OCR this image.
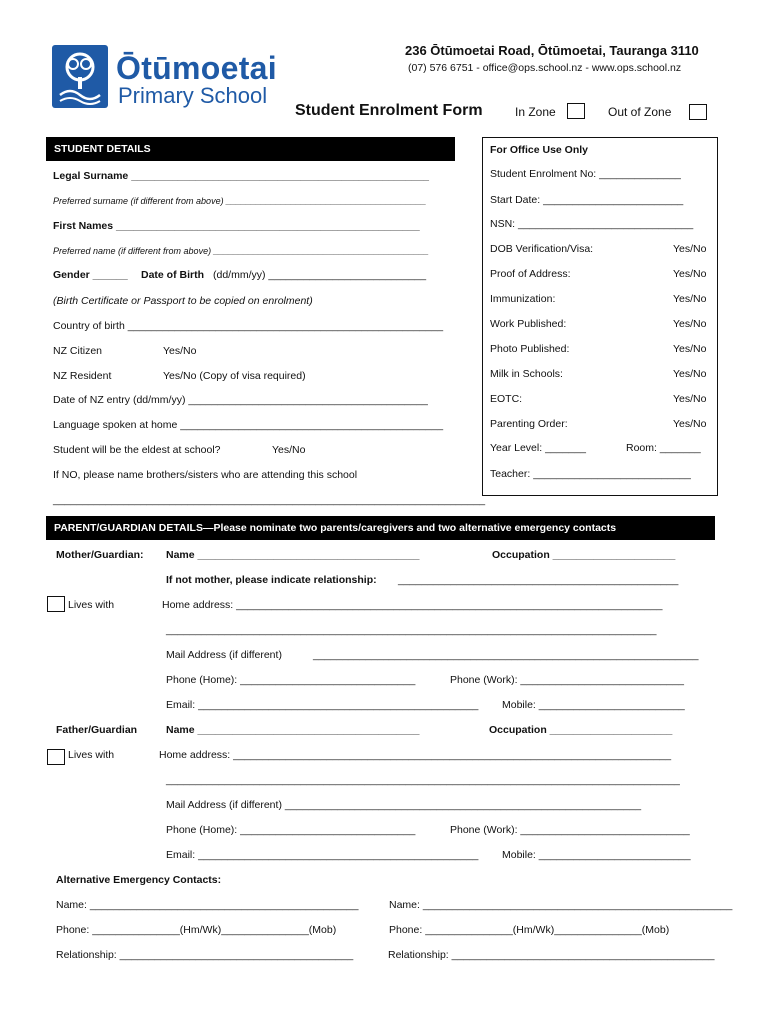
Ōtūmoetai
Primary School
236 Ōtūmoetai Road, Ōtūmoetai, Tauranga 3110
(07) 576 6751 - office@ops.school.nz - www.ops.school.nz
Student Enrolment Form	In Zone	Out of Zone
STUDENT DETAILS
Legal Surname ___________________________________________________
Preferred surname (if different from above) ________________________________________
First Names ____________________________________________________
Preferred name (if different from above) ___________________________________________
Gender ______ Date of Birth (dd/mm/yy) ___________________________
(Birth Certificate or Passport to be copied on enrolment)
Country of birth ______________________________________________________
NZ Citizen	Yes/No
NZ Resident	Yes/No (Copy of visa required)
Date of NZ entry (dd/mm/yy) _________________________________________
Language spoken at home _____________________________________________
Student will be the eldest at school?	Yes/No
If NO, please name brothers/sisters who are attending this school
__________________________________________________________________________
For Office Use Only
Student Enrolment No: ______________
Start Date: ________________________
NSN: ______________________________
DOB Verification/Visa:	Yes/No
Proof of Address:	Yes/No
Immunization:	Yes/No
Work Published:	Yes/No
Photo Published:	Yes/No
Milk in Schools:	Yes/No
EOTC:	Yes/No
Parenting Order:	Yes/No
Year Level: _______	Room: _______
Teacher: ___________________________
PARENT/GUARDIAN DETAILS—Please nominate two parents/caregivers and two alternative emergency contacts
Mother/Guardian: Name ______________________________________	Occupation _____________________
If not mother, please indicate relationship: ________________________________________________
Lives with	Home address: _________________________________________________________________________
____________________________________________________________________________________
Mail Address (if different)	__________________________________________________________________
Phone (Home): ______________________________	Phone (Work): ____________________________
Email: ________________________________________________ Mobile: _________________________
Father/Guardian	Name ______________________________________	Occupation _____________________
Lives with	Home address: ___________________________________________________________________________
________________________________________________________________________________________
Mail Address (if different) _____________________________________________________________
Phone (Home): ______________________________	Phone (Work): _____________________________
Email: ________________________________________________ Mobile: __________________________
Alternative Emergency Contacts:
Name: ______________________________________________	Name: _____________________________________________________
Phone: _______________(Hm/Wk)_______________(Mob)	Phone: _______________(Hm/Wk)_______________(Mob)
Relationship: ________________________________________	Relationship: _____________________________________________
